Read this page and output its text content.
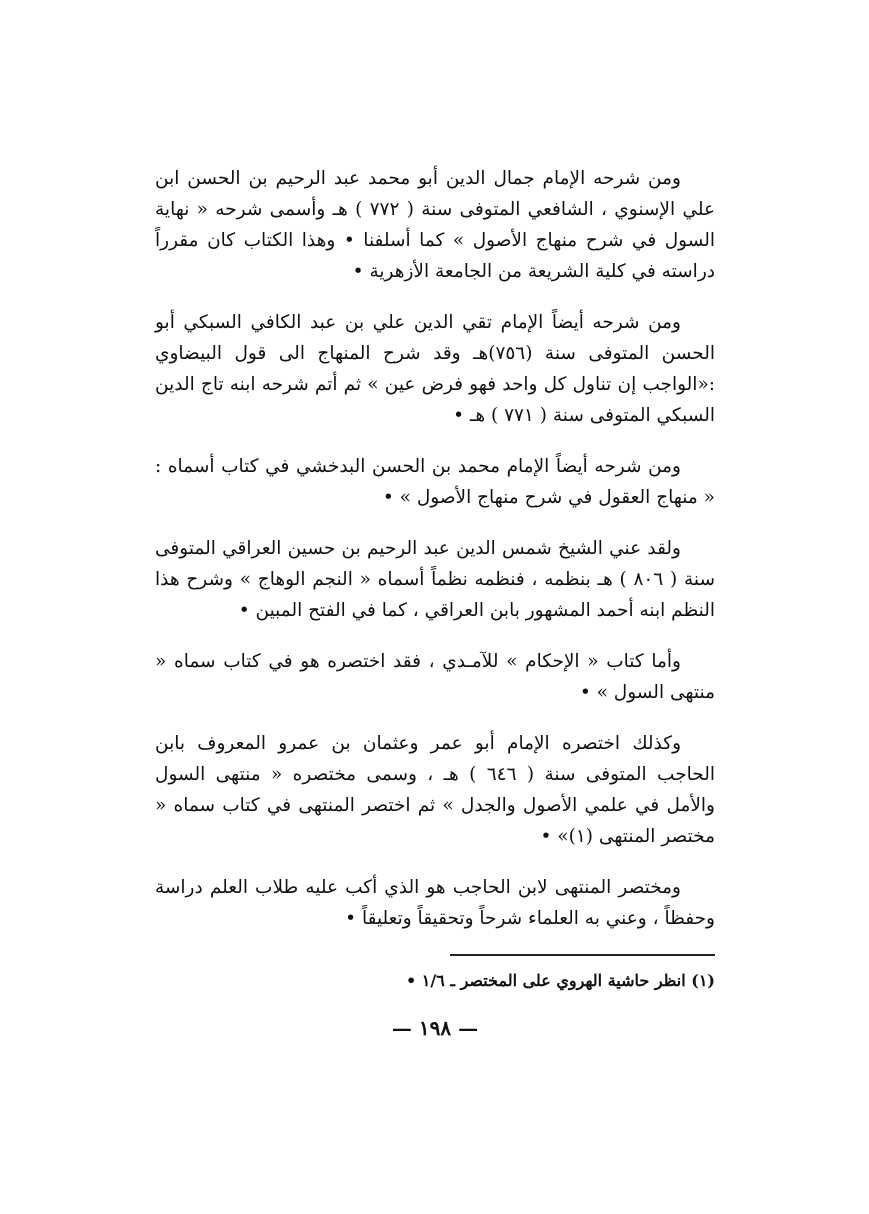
ومن شرحه الإمام جمال الدين أبو محمد عبد الرحيم بن الحسن ابن علي الإسنوي ، الشافعي المتوفى سنة ( ٧٧٢ ) هـ وأسمى شرحه « نهاية السول في شرح منهاج الأصول » كما أسلفنا • وهذا الكتاب كان مقرراً دراسته في كلية الشريعة من الجامعة الأزهرية •

ومن شرحه أيضاً الإمام تقي الدين علي بن عبد الكافي السبكي أبو الحسن المتوفى سنة (٧٥٦)هـ وقد شرح المنهاج الى قول البيضاوي :«الواجب إن تناول كل واحد فهو فرض عين » ثم أتم شرحه ابنه تاج الدين السبكي المتوفى سنة ( ٧٧١ ) هـ •

ومن شرحه أيضاً الإمام محمد بن الحسن البدخشي في كتاب أسماه : « منهاج العقول في شرح منهاج الأصول » •

ولقد عني الشيخ شمس الدين عبد الرحيم بن حسين العراقي المتوفى سنة ( ٨٠٦ ) هـ بنظمه ، فنظمه نظماً أسماه « النجم الوهاج » وشرح هذا النظم ابنه أحمد المشهور بابن العراقي ، كما في الفتح المبين •

وأما كتاب « الإحكام » للآمـدي ، فقد اختصره هو في كتاب سماه « منتهى السول » •

وكذلك اختصره الإمام أبو عمر وعثمان بن عمرو المعروف بابن الحاجب المتوفى سنة ( ٦٤٦ ) هـ ، وسمى مختصره « منتهى السول والأمل في علمي الأصول والجدل » ثم اختصر المنتهى في كتاب سماه « مختصر المنتهى (١)» •

ومختصر المنتهى لابن الحاجب هو الذي أكب عليه طلاب العلم دراسة وحفظاً ، وعني به العلماء شرحاً وتحقيقاً وتعليقاً •

(١) انظر حاشية الهروي على المختصر ـ ١/٦ •
— ١٩٨ —
